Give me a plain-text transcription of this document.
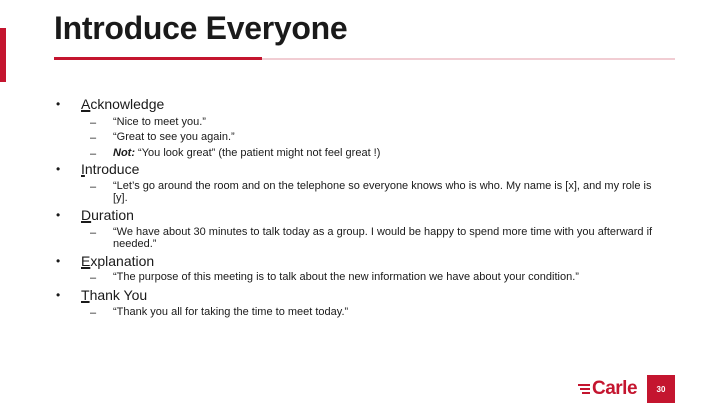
Introduce Everyone
• Acknowledge
– “Nice to meet you.”
– “Great to see you again.”
– Not: “You look great” (the patient might not feel great !)
• Introduce
– “Let’s go around the room and on the telephone so everyone knows who is who. My name is [x], and my role is [y].
• Duration
– “We have about 30 minutes to talk today as a group. I would be happy to spend more time with you afterward if needed.”
• Explanation
– “The purpose of this meeting is to talk about the new information we have about your condition.”
• Thank You
– “Thank you all for taking the time to meet today.”
Carle 30
